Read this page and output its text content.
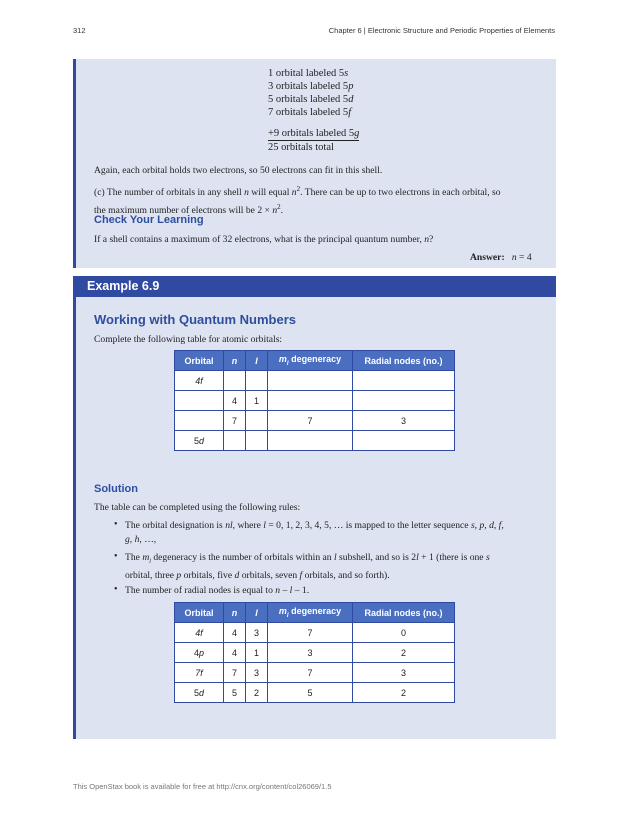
312	Chapter 6 | Electronic Structure and Periodic Properties of Elements
1 orbital labeled 5s
3 orbitals labeled 5p
5 orbitals labeled 5d
7 orbitals labeled 5f
+9 orbitals labeled 5g
25 orbitals total
Again, each orbital holds two electrons, so 50 electrons can fit in this shell.
(c) The number of orbitals in any shell n will equal $n^2$. There can be up to two electrons in each orbital, so
the maximum number of electrons will be $2 \times n^2$.
Check Your Learning
If a shell contains a maximum of 32 electrons, what is the principal quantum number, n?
Answer: n = 4
Example 6.9
Working with Quantum Numbers
Complete the following table for atomic orbitals:
Orbital	n	l	$m_l$ degeneracy	Radial nodes (no.)
4f				
	4	1		
	7		7	3
5d				
Solution
The table can be completed using the following rules:
• The orbital designation is nl, where l = 0, 1, 2, 3, 4, 5, … is mapped to the letter sequence s, p, d, f,
g, h, …,
• The $m_l$ degeneracy is the number of orbitals within an l subshell, and so is 2l + 1 (there is one s
orbital, three p orbitals, five d orbitals, seven f orbitals, and so forth).
• The number of radial nodes is equal to n – l – 1.
Orbital	n	l	$m_l$ degeneracy	Radial nodes (no.)
4f	4	3	7	0
4p	4	1	3	2
7f	7	3	7	3
5d	5	2	5	2
This OpenStax book is available for free at http://cnx.org/content/col26069/1.5
